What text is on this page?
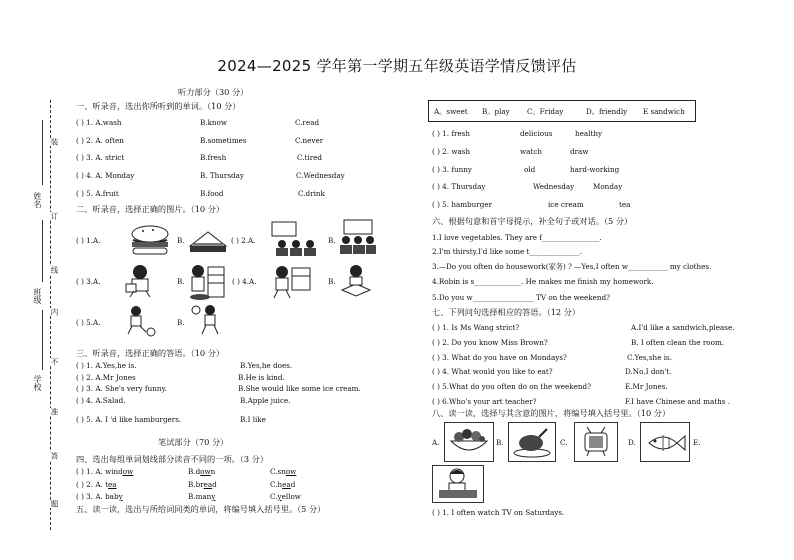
2024—2025 学年第一学期五年级英语学情反馈评估
装
订
线
内
不
准
答
题
姓名
班级
学校
听力部分（30 分）
一、听录音，选出你所听到的单词。（10 分）
( ) 1. A.wash	B.know	C.read
( ) 2. A. often	B.sometimes	C.never
( ) 3. A. strict	B.fresh	C.tired
( ) 4. A. Monday	B. Thursday	C.Wednesday
( ) 5. A.fruit	B.food	C.drink
二、听录音，选择正确的图片。（10 分）
( ) 1.A.	B.	( ) 2.A.	B.
( ) 3.A.	B.	( ) 4.A.	B.
( ) 5.A.	B.
三、听录音，选择正确的答语。（10 分）
( ) 1. A.Yes,he is.	B.Yes,he does.
( ) 2. A.Mr Jones	B.He is kind.
( ) 3. A. She's very funny.	B.She would like some ice cream.
( ) 4. A.Salad.	B.Apple juice.
( ) 5. A. I 'd like hamburgers.	B.I like
笔试部分（70 分）
四、选出每组单词划线部分读音不同的一项。（3 分）
( ) 1. A. window	B.down	C.snow
( ) 2. A. tea	B.bread	C.head
( ) 3. A. baby	B.many	C.yellow
五、读一读，选出与所给词同类的单词，将编号填入括号里。（5 分）
A。sweet B。play C。Friday	D。friendly E sandwich
( ) 1. fresh	delicious	healthy
( ) 2. wash	watch	draw
( ) 3. funny	old	hard-working
( ) 4. Thursday	Wednesday	Monday
( ) 5. hamburger	ice cream	tea
六、根据句意和首字母提示，补全句子或对话。（5 分）
1.I love vegetables. They are f________________.
2.I'm thirsty.I'd like some t______________.
3.—Do you often do housework(家务) ? —Yes,I often w___________ my clothes.
4.Robin is s_____________. He makes me finish my homework.
5.Do you w_________________ TV on the weekend?
七、下列问句选择相应的答语。（12 分）
( ) 1. Is Ms Wang strict?	A.I'd like a sandwich,please.
( ) 2. Do you know Miss Brown?	B. I often clean the room.
( ) 3. What do you have on Mondays?	C.Yes,she is.
( ) 4. What would you like to eat?	D.No,I don't.
( ) 5.What do you often do on the weekend?	E.Mr Jones.
( ) 6.Who's your art teacher?	F.I have Chinese and maths .
八、读一读，选择与其含意的图片，将编号填入括号里。（10 分）
A.	B.	C.	D.	E.
( ) 1. I often watch TV on Saturdays.
